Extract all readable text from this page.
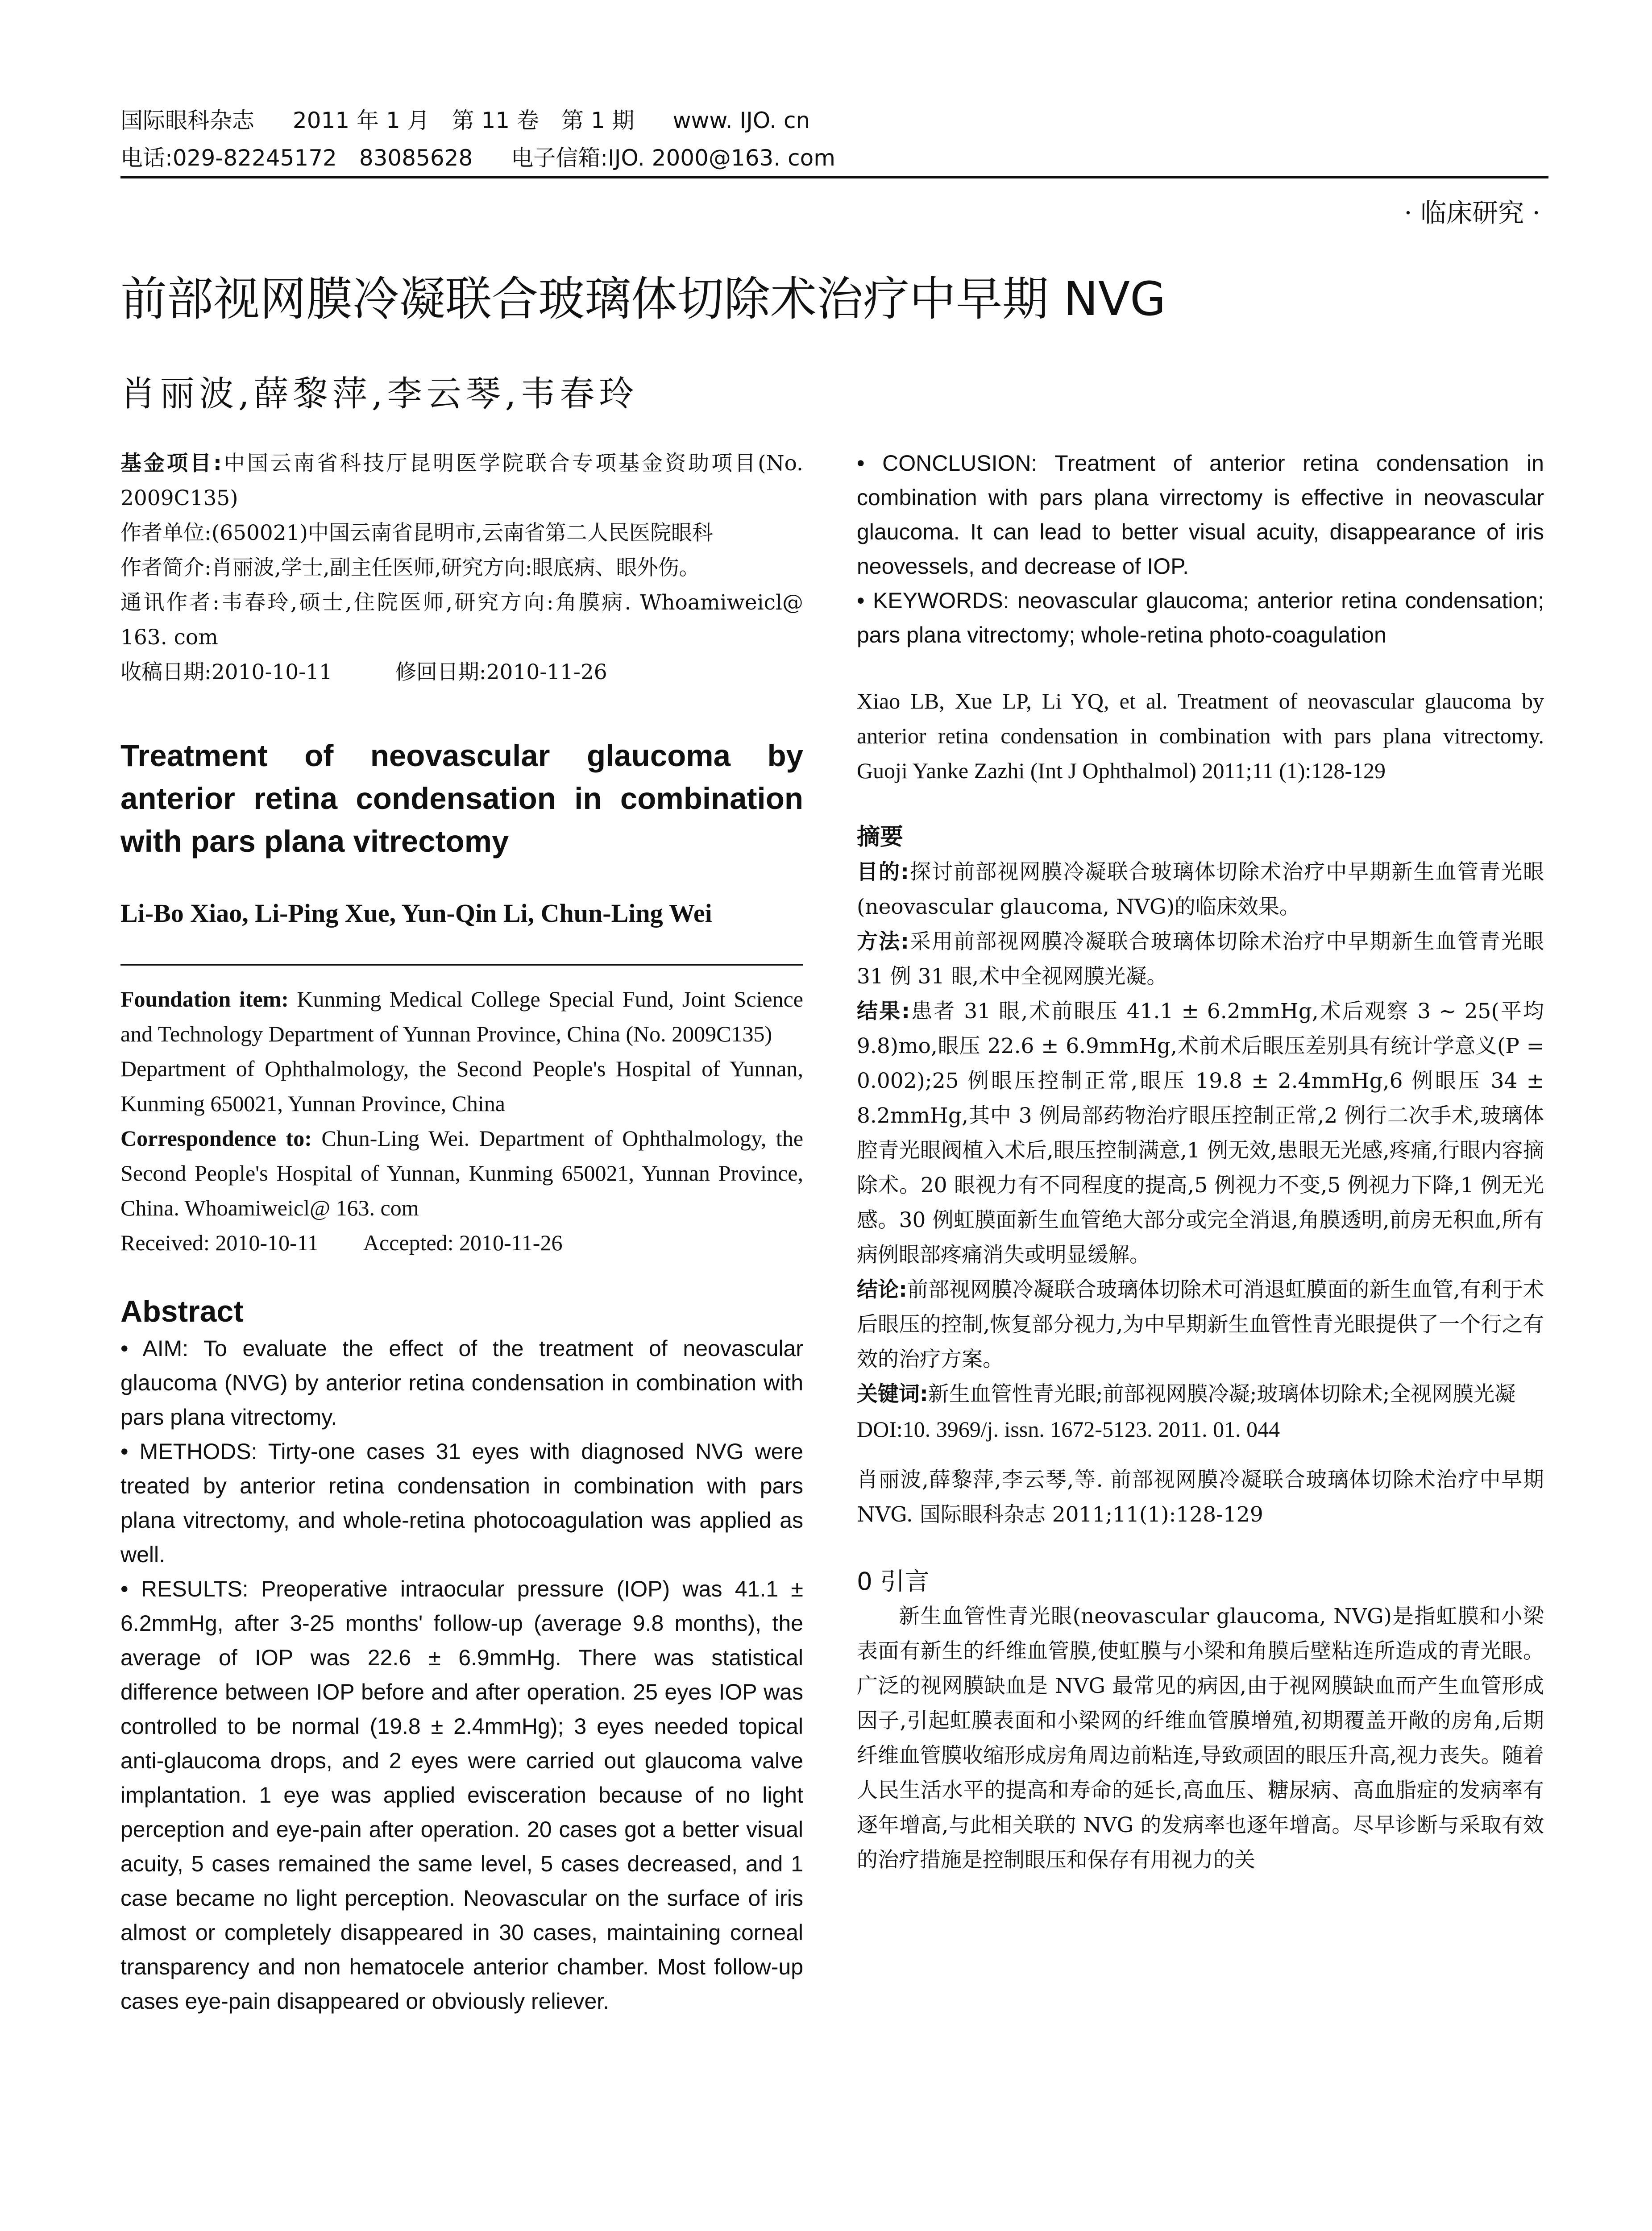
国际眼科杂志 2011 年 1 月　第 11 卷　第 1 期 www. IJO. cn
电话:029-82245172　83085628 电子信箱:IJO. 2000@163. com
· 临床研究 ·
前部视网膜冷凝联合玻璃体切除术治疗中早期 NVG
肖丽波,薛黎萍,李云琴,韦春玲

基金项目:中国云南省科技厅昆明医学院联合专项基金资助项目(No. 2009C135)

作者单位:(650021)中国云南省昆明市,云南省第二人民医院眼科

作者简介:肖丽波,学士,副主任医师,研究方向:眼底病、眼外伤。

通讯作者:韦春玲,硕士,住院医师,研究方向:角膜病. Whoamiweicl@ 163. com

收稿日期:2010-10-11　　　修回日期:2010-11-26

Treatment of neovascular glaucoma by anterior retina condensation in combination with pars plana vitrectomy

Li-Bo Xiao, Li-Ping Xue, Yun-Qin Li, Chun-Ling Wei

Foundation item: Kunming Medical College Special Fund, Joint Science and Technology Department of Yunnan Province, China (No. 2009C135)

Department of Ophthalmology, the Second People's Hospital of Yunnan, Kunming 650021, Yunnan Province, China

Correspondence to: Chun-Ling Wei. Department of Ophthalmology, the Second People's Hospital of Yunnan, Kunming 650021, Yunnan Province, China. Whoamiweicl@ 163. com

Received: 2010-10-11　　Accepted: 2010-11-26

Abstract

• AIM: To evaluate the effect of the treatment of neovascular glaucoma (NVG) by anterior retina condensation in combination with pars plana vitrectomy.

• METHODS: Tirty-one cases 31 eyes with diagnosed NVG were treated by anterior retina condensation in combination with pars plana vitrectomy, and whole-retina photocoagulation was applied as well.

• RESULTS: Preoperative intraocular pressure (IOP) was 41.1 ± 6.2mmHg, after 3-25 months' follow-up (average 9.8 months), the average of IOP was 22.6 ± 6.9mmHg. There was statistical difference between IOP before and after operation. 25 eyes IOP was controlled to be normal (19.8 ± 2.4mmHg); 3 eyes needed topical anti-glaucoma drops, and 2 eyes were carried out glaucoma valve implantation. 1 eye was applied evisceration because of no light perception and eye-pain after operation. 20 cases got a better visual acuity, 5 cases remained the same level, 5 cases decreased, and 1 case became no light perception. Neovascular on the surface of iris almost or completely disappeared in 30 cases, maintaining corneal transparency and non hematocele anterior chamber. Most follow-up cases eye-pain disappeared or obviously reliever.

• CONCLUSION: Treatment of anterior retina condensation in combination with pars plana virrectomy is effective in neovascular glaucoma. It can lead to better visual acuity, disappearance of iris neovessels, and decrease of IOP.

• KEYWORDS: neovascular glaucoma; anterior retina condensation; pars plana vitrectomy; whole-retina photo-coagulation

Xiao LB, Xue LP, Li YQ, et al. Treatment of neovascular glaucoma by anterior retina condensation in combination with pars plana vitrectomy. Guoji Yanke Zazhi (Int J Ophthalmol) 2011;11 (1):128-129

摘要

目的:探讨前部视网膜冷凝联合玻璃体切除术治疗中早期新生血管青光眼(neovascular glaucoma, NVG)的临床效果。

方法:采用前部视网膜冷凝联合玻璃体切除术治疗中早期新生血管青光眼 31 例 31 眼,术中全视网膜光凝。

结果:患者 31 眼,术前眼压 41.1 ± 6.2mmHg,术后观察 3 ~ 25(平均 9.8)mo,眼压 22.6 ± 6.9mmHg,术前术后眼压差别具有统计学意义(P = 0.002);25 例眼压控制正常,眼压 19.8 ± 2.4mmHg,6 例眼压 34 ± 8.2mmHg,其中 3 例局部药物治疗眼压控制正常,2 例行二次手术,玻璃体腔青光眼阀植入术后,眼压控制满意,1 例无效,患眼无光感,疼痛,行眼内容摘除术。20 眼视力有不同程度的提高,5 例视力不变,5 例视力下降,1 例无光感。30 例虹膜面新生血管绝大部分或完全消退,角膜透明,前房无积血,所有病例眼部疼痛消失或明显缓解。

结论:前部视网膜冷凝联合玻璃体切除术可消退虹膜面的新生血管,有利于术后眼压的控制,恢复部分视力,为中早期新生血管性青光眼提供了一个行之有效的治疗方案。

关键词:新生血管性青光眼;前部视网膜冷凝;玻璃体切除术;全视网膜光凝

DOI:10. 3969/j. issn. 1672-5123. 2011. 01. 044

肖丽波,薛黎萍,李云琴,等. 前部视网膜冷凝联合玻璃体切除术治疗中早期 NVG. 国际眼科杂志 2011;11(1):128-129

0 引言

新生血管性青光眼(neovascular glaucoma, NVG)是指虹膜和小梁表面有新生的纤维血管膜,使虹膜与小梁和角膜后壁粘连所造成的青光眼。广泛的视网膜缺血是 NVG 最常见的病因,由于视网膜缺血而产生血管形成因子,引起虹膜表面和小梁网的纤维血管膜增殖,初期覆盖开敞的房角,后期纤维血管膜收缩形成房角周边前粘连,导致顽固的眼压升高,视力丧失。随着人民生活水平的提高和寿命的延长,高血压、糖尿病、高血脂症的发病率有逐年增高,与此相关联的 NVG 的发病率也逐年增高。尽早诊断与采取有效的治疗措施是控制眼压和保存有用视力的关
